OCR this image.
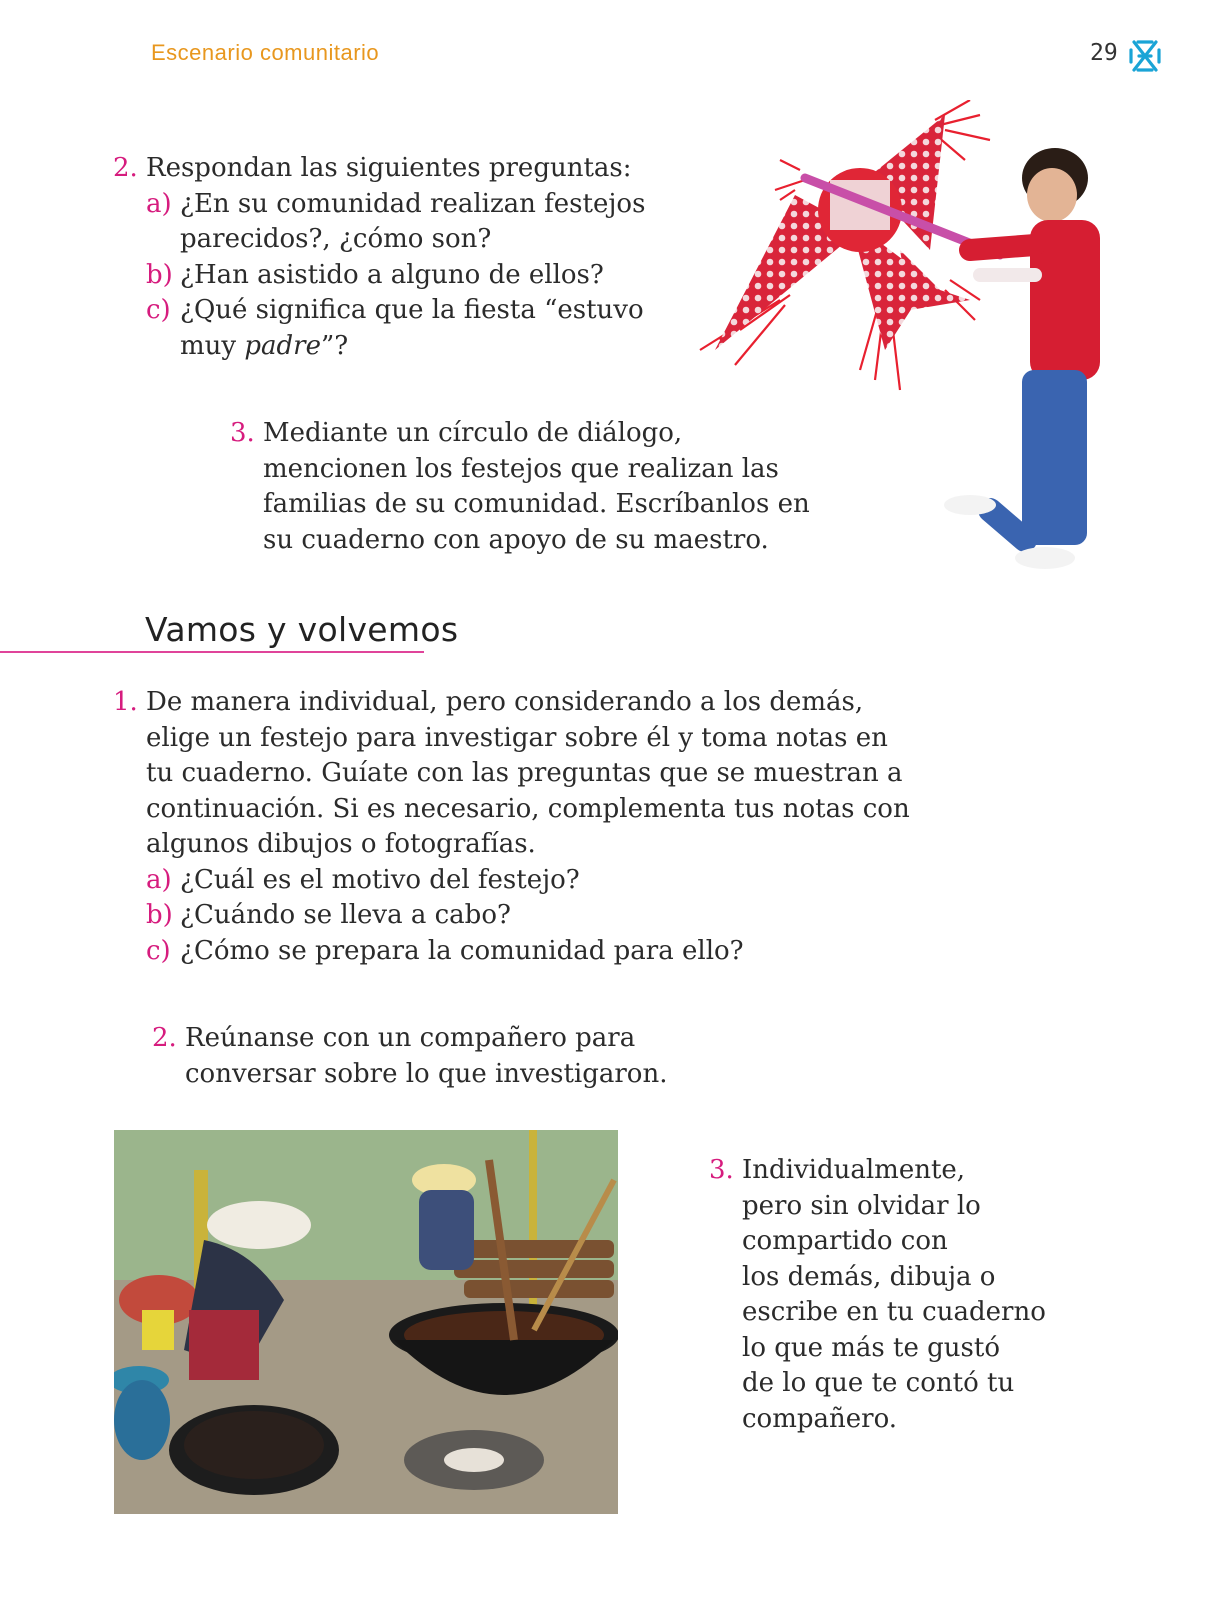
Escenario comunitario	29
2. Respondan las siguientes preguntas:
a) ¿En su comunidad realizan festejos
parecidos?, ¿cómo son?
b) ¿Han asistido a alguno de ellos?
c) ¿Qué significa que la fiesta “estuvo
muy padre”?
3. Mediante un círculo de diálogo,
mencionen los festejos que realizan las
familias de su comunidad. Escríbanlos en
su cuaderno con apoyo de su maestro.
Vamos y volvemos
1. De manera individual, pero considerando a los demás,
elige un festejo para investigar sobre él y toma notas en
tu cuaderno. Guíate con las preguntas que se muestran a
continuación. Si es necesario, complementa tus notas con
algunos dibujos o fotografías.
a) ¿Cuál es el motivo del festejo?
b) ¿Cuándo se lleva a cabo?
c) ¿Cómo se prepara la comunidad para ello?
2. Reúnanse con un compañero para
conversar sobre lo que investigaron.
3. Individualmente,
pero sin olvidar lo
compartido con
los demás, dibuja o
escribe en tu cuaderno
lo que más te gustó
de lo que te contó tu
compañero.
